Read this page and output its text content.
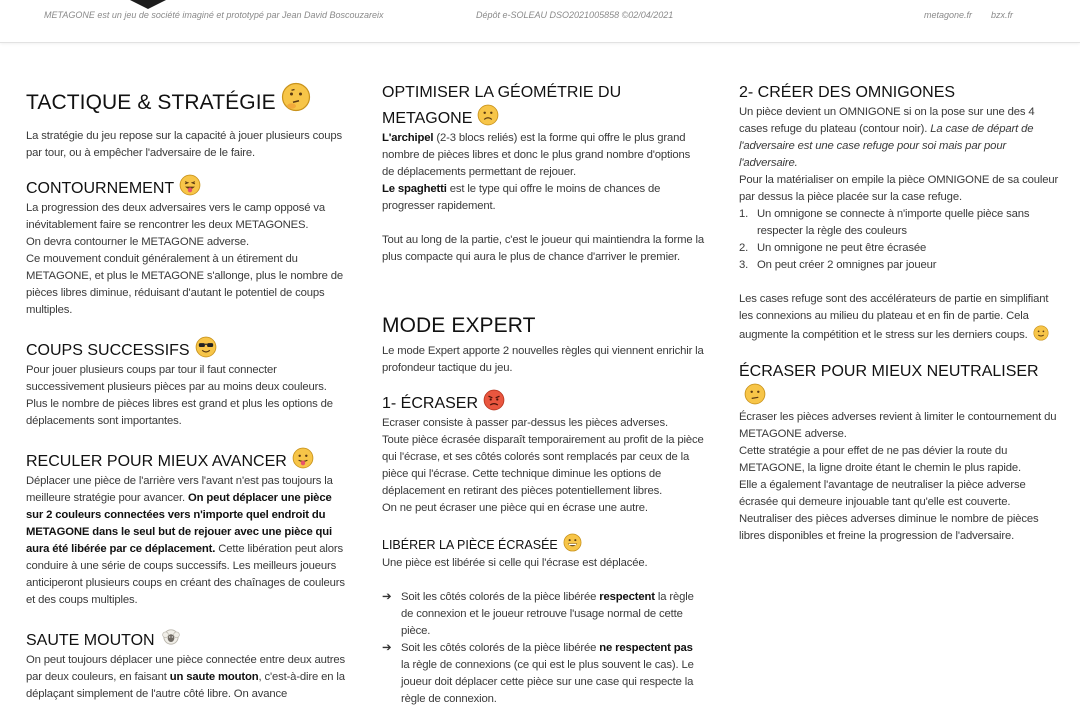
METAGONE est un jeu de société imaginé et prototypé par Jean David Boscouzareix	Dépôt e-SOLEAU DSO2021005858 ©02/04/2021	metagone.fr bzx.fr
TACTIQUE & STRATÉGIE

La stratégie du jeu repose sur la capacité à jouer plusieurs coups par tour, ou à empêcher l'adversaire de le faire.

CONTOURNEMENT

La progression des deux adversaires vers le camp opposé va inévitablement faire se rencontrer les deux METAGONES.

On devra contourner le METAGONE adverse.

Ce mouvement conduit généralement à un étirement du METAGONE, et plus le METAGONE s'allonge, plus le nombre de pièces libres diminue, réduisant d'autant le potentiel de coups multiples.

COUPS SUCCESSIFS

Pour jouer plusieurs coups par tour il faut connecter successivement plusieurs pièces par au moins deux couleurs. Plus le nombre de pièces libres est grand et plus les options de déplacements sont importantes.

RECULER POUR MIEUX AVANCER

Déplacer une pièce de l'arrière vers l'avant n'est pas toujours la meilleure stratégie pour avancer. On peut déplacer une pièce sur 2 couleurs connectées vers n'importe quel endroit du METAGONE dans le seul but de rejouer avec une pièce qui aura été libérée par ce déplacement. Cette libération peut alors conduire à une série de coups successifs. Les meilleurs joueurs anticiperont plusieurs coups en créant des chaînages de couleurs et des coups multiples.

SAUTE MOUTON

On peut toujours déplacer une pièce connectée entre deux autres par deux couleurs, en faisant un saute mouton, c'est-à-dire en la déplaçant simplement de l'autre côté libre. On avance

OPTIMISER LA GÉOMÉTRIE DU METAGONE

L'archipel (2-3 blocs reliés) est la forme qui offre le plus grand nombre de pièces libres et donc le plus grand nombre d'options de déplacements permettant de rejouer.

Le spaghetti est le type qui offre le moins de chances de progresser rapidement.

Tout au long de la partie, c'est le joueur qui maintiendra la forme la plus compacte qui aura le plus de chance d'arriver le premier.

MODE EXPERT

Le mode Expert apporte 2 nouvelles règles qui viennent enrichir la profondeur tactique du jeu.

1- ÉCRASER

Ecraser consiste à passer par-dessus les pièces adverses.

Toute pièce écrasée disparaît temporairement au profit de la pièce qui l'écrase, et ses côtés colorés sont remplacés par ceux de la pièce qui l'écrase. Cette technique diminue les options de déplacement en retirant des pièces potentiellement libres.

On ne peut écraser une pièce qui en écrase une autre.

LIBÉRER LA PIÈCE ÉCRASÉE

Une pièce est libérée si celle qui l'écrase est déplacée.

➔ Soit les côtés colorés de la pièce libérée respectent la règle de connexion et le joueur retrouve l'usage normal de cette pièce.

➔ Soit les côtés colorés de la pièce libérée ne respectent pas la règle de connexions (ce qui est le plus souvent le cas). Le joueur doit déplacer cette pièce sur une case qui respecte la règle de connexion.

2- CRÉER DES OMNIGONES

Un pièce devient un OMNIGONE si on la pose sur une des 4 cases refuge du plateau (contour noir). La case de départ de l'adversaire est une case refuge pour soi mais par pour l'adversaire.

Pour la matérialiser on empile la pièce OMNIGONE de sa couleur par dessus la pièce placée sur la case refuge.

1. Un omnigone se connecte à n'importe quelle pièce sans respecter la règle des couleurs

2. Un omnigone ne peut être écrasée

3. On peut créer 2 omnignes par joueur

Les cases refuge sont des accélérateurs de partie en simplifiant les connexions au milieu du plateau et en fin de partie. Cela augmente la compétition et le stress sur les derniers coups.

ÉCRASER POUR MIEUX NEUTRALISER

Écraser les pièces adverses revient à limiter le contournement du METAGONE adverse.

Cette stratégie a pour effet de ne pas dévier la route du METAGONE, la ligne droite étant le chemin le plus rapide.

Elle a également l'avantage de neutraliser la pièce adverse écrasée qui demeure injouable tant qu'elle est couverte. Neutraliser des pièces adverses diminue le nombre de pièces libres disponibles et freine la progression de l'adversaire.
